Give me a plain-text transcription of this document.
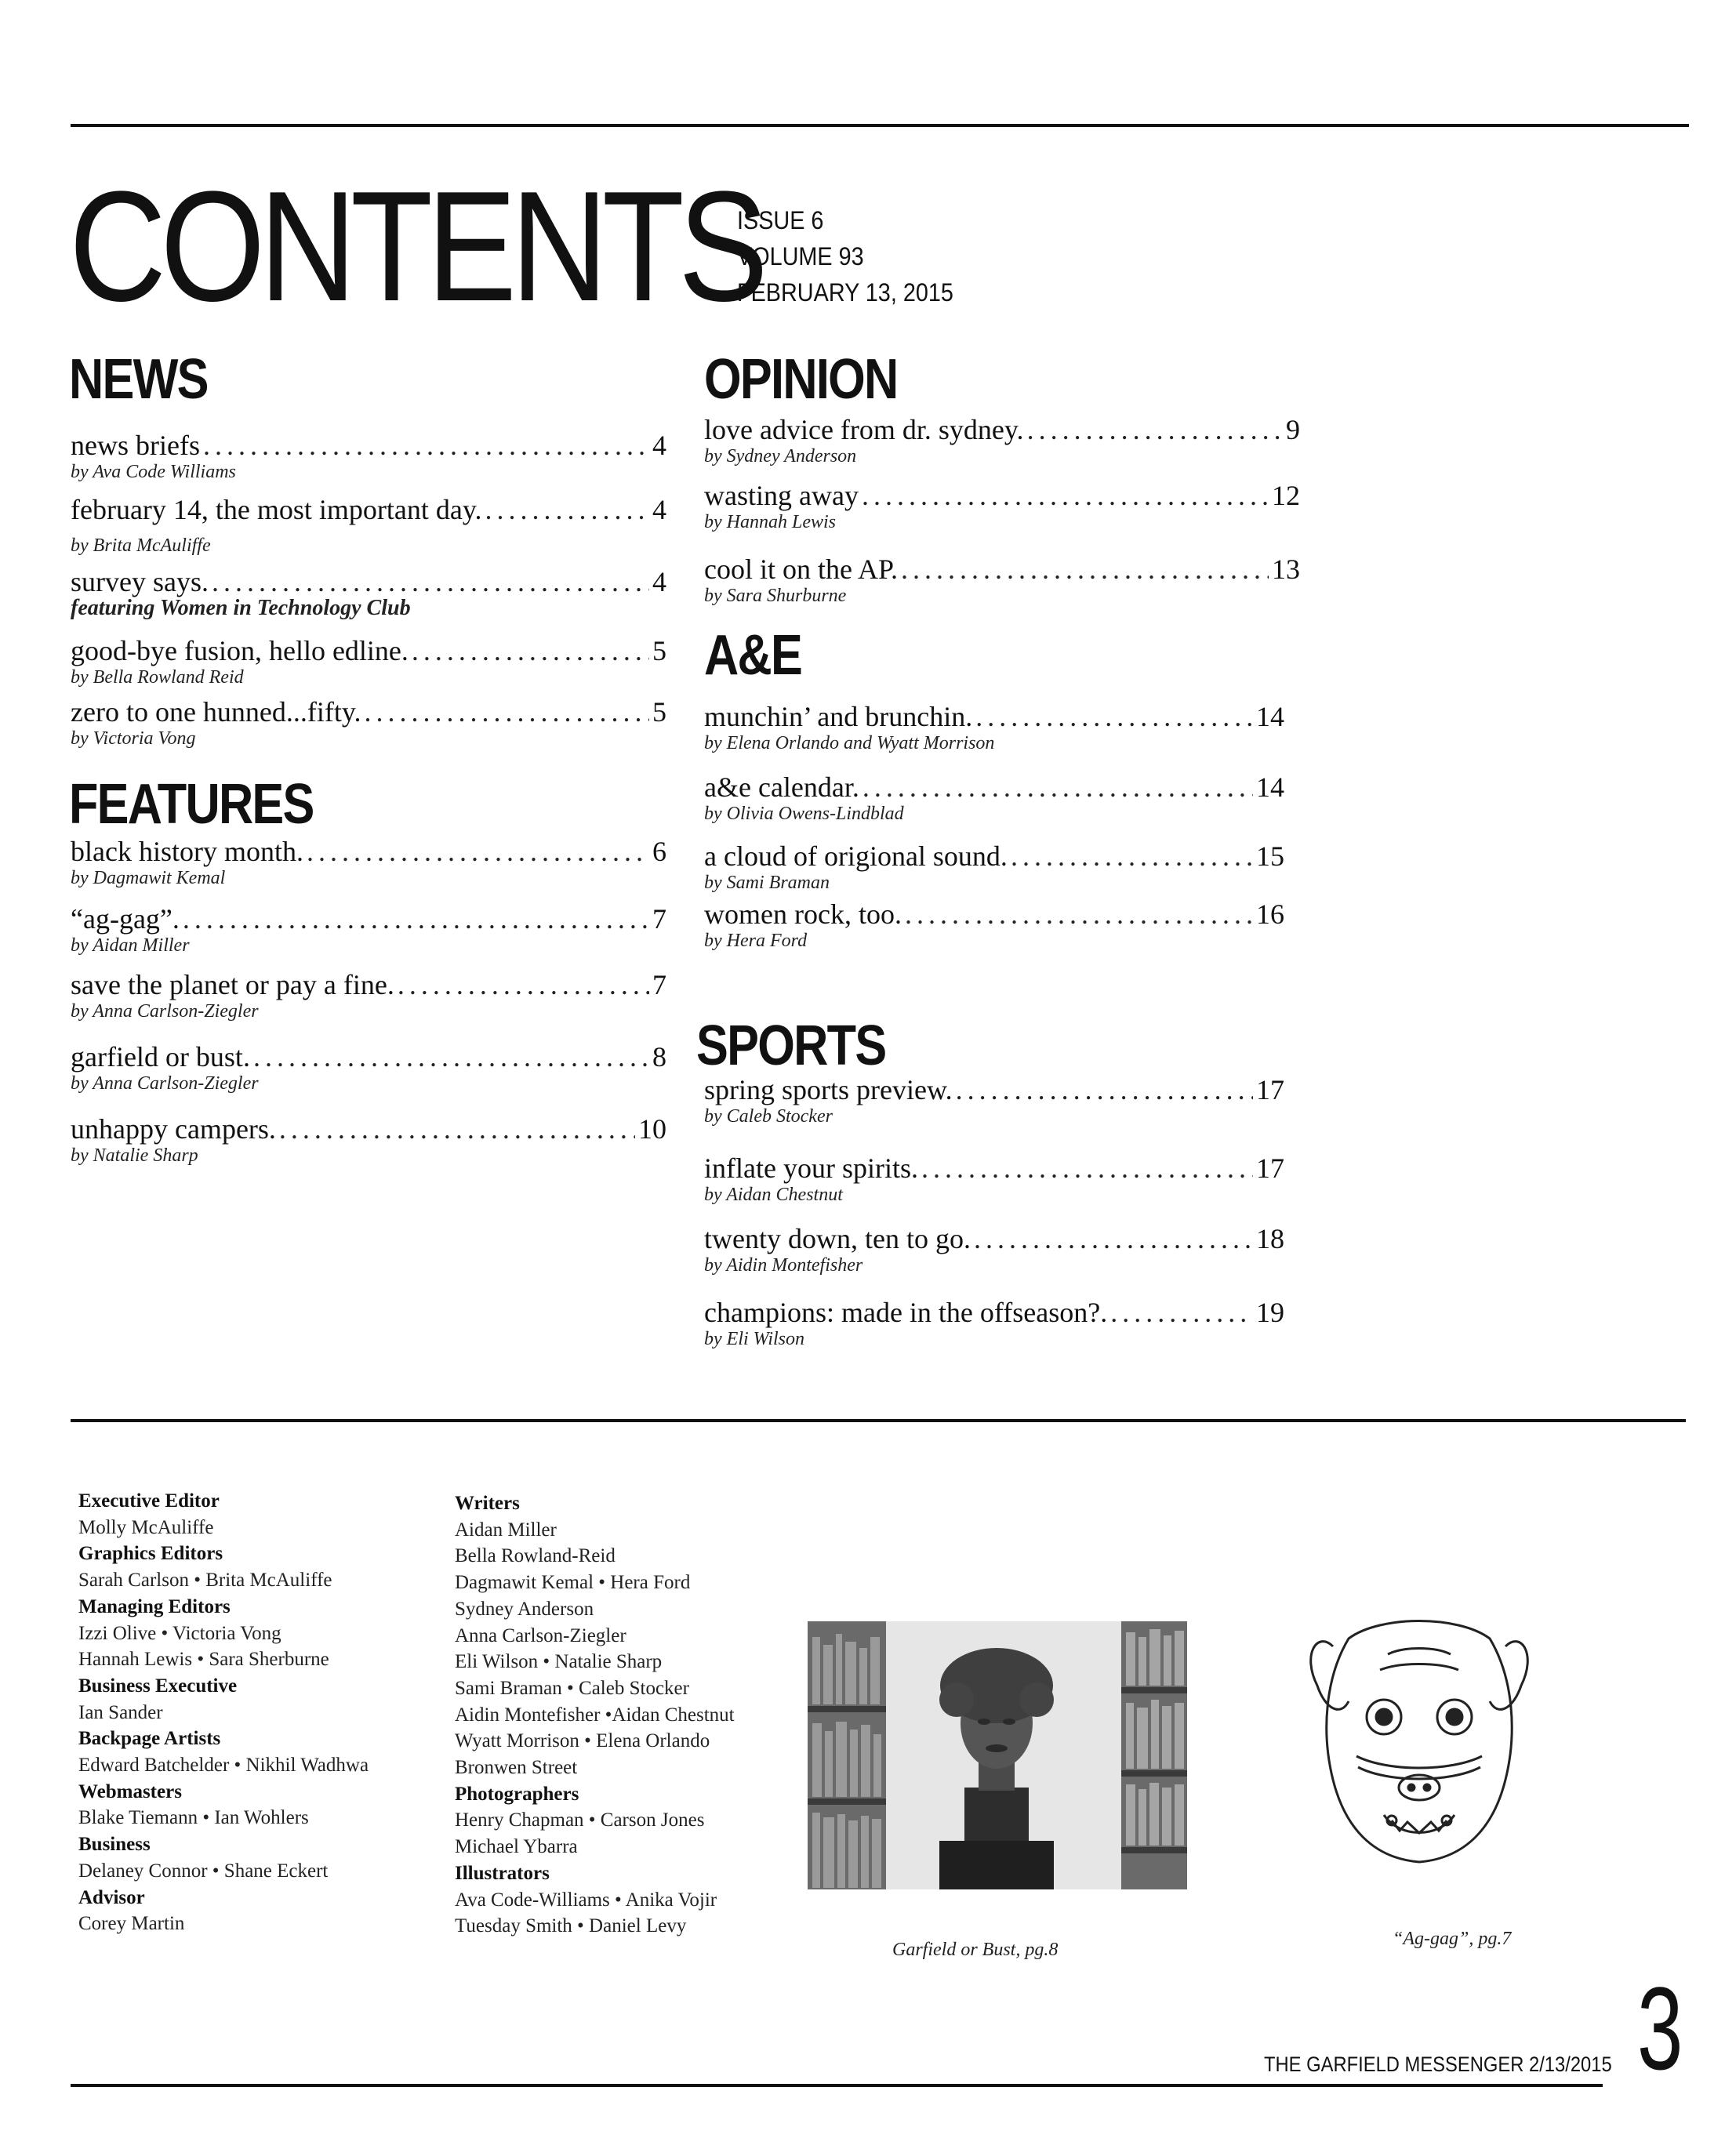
CONTENTS
ISSUE 6
VOLUME 93
FEBRUARY 13, 2015
NEWS
news briefs .....	4
by Ava Code Williams
february 14, the most important day. .....	4
by Brita McAuliffe
survey says. .....	4
featuring Women in Technology Club
good-bye fusion, hello edline. .....	5
by Bella Rowland Reid
zero to one hunned...fifty. .....	5
by Victoria Vong
FEATURES
black history month. .....	6
by Dagmawit Kemal
“ag-gag”. .....	7
by Aidan Miller
save the planet or pay a fine. .....	7
by Anna Carlson-Ziegler
garfield or bust. .....	8
by Anna Carlson-Ziegler
unhappy campers. .....	10
by Natalie Sharp
OPINION
love advice from dr. sydney. .....	9
by Sydney Anderson
wasting away .....	12
by Hannah Lewis
cool it on the AP. .....	13
by Sara Shurburne
A&E
munchin’ and brunchin. .....	14
by Elena Orlando and Wyatt Morrison
a&e calendar. .....	14
by Olivia Owens-Lindblad
a cloud of origional sound. .....	15
by Sami Braman
women rock, too. .....	16
by Hera Ford
SPORTS
spring sports preview. .....	17
by Caleb Stocker
inflate your spirits. .....	17
by Aidan Chestnut
twenty down, ten to go. .....	18
by Aidin Montefisher
champions: made in the offseason?. .....	19
by Eli Wilson
Executive Editor
Molly McAuliffe
Graphics Editors
Sarah Carlson • Brita McAuliffe
Managing Editors
Izzi Olive • Victoria Vong
Hannah Lewis • Sara Sherburne
Business Executive
Ian Sander
Backpage Artists
Edward Batchelder • Nikhil Wadhwa
Webmasters
Blake Tiemann • Ian Wohlers
Business
Delaney Connor • Shane Eckert
Advisor
Corey Martin
Writers
Aidan Miller
Bella Rowland-Reid
Dagmawit Kemal • Hera Ford
Sydney Anderson
Anna Carlson-Ziegler
Eli Wilson • Natalie Sharp
Sami Braman • Caleb Stocker
Aidin Montefisher •Aidan Chestnut
Wyatt Morrison • Elena Orlando
Bronwen Street
Photographers
Henry Chapman • Carson Jones
Michael Ybarra
Illustrators
Ava Code-Williams • Anika Vojir
Tuesday Smith • Daniel Levy
Garfield or Bust, pg.8
“Ag-gag”, pg.7
THE GARFIELD MESSENGER 2/13/2015 3
